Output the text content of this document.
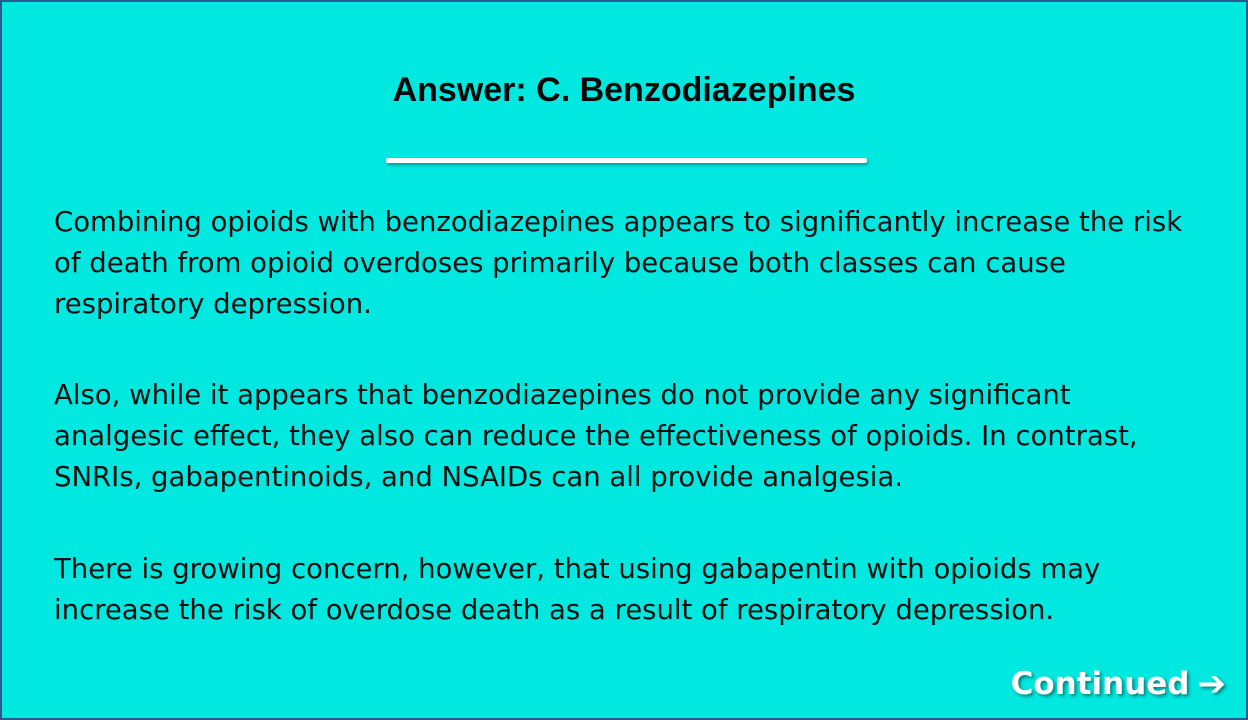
Answer: C. Benzodiazepines

Combining opioids with benzodiazepines appears to significantly increase the risk of death from opioid overdoses primarily because both classes can cause respiratory depression.

Also, while it appears that benzodiazepines do not provide any significant analgesic effect, they also can reduce the effectiveness of opioids. In contrast, SNRIs, gabapentinoids, and NSAIDs can all provide analgesia.

There is growing concern, however, that using gabapentin with opioids may increase the risk of overdose death as a result of respiratory depression.

Continued ➔
